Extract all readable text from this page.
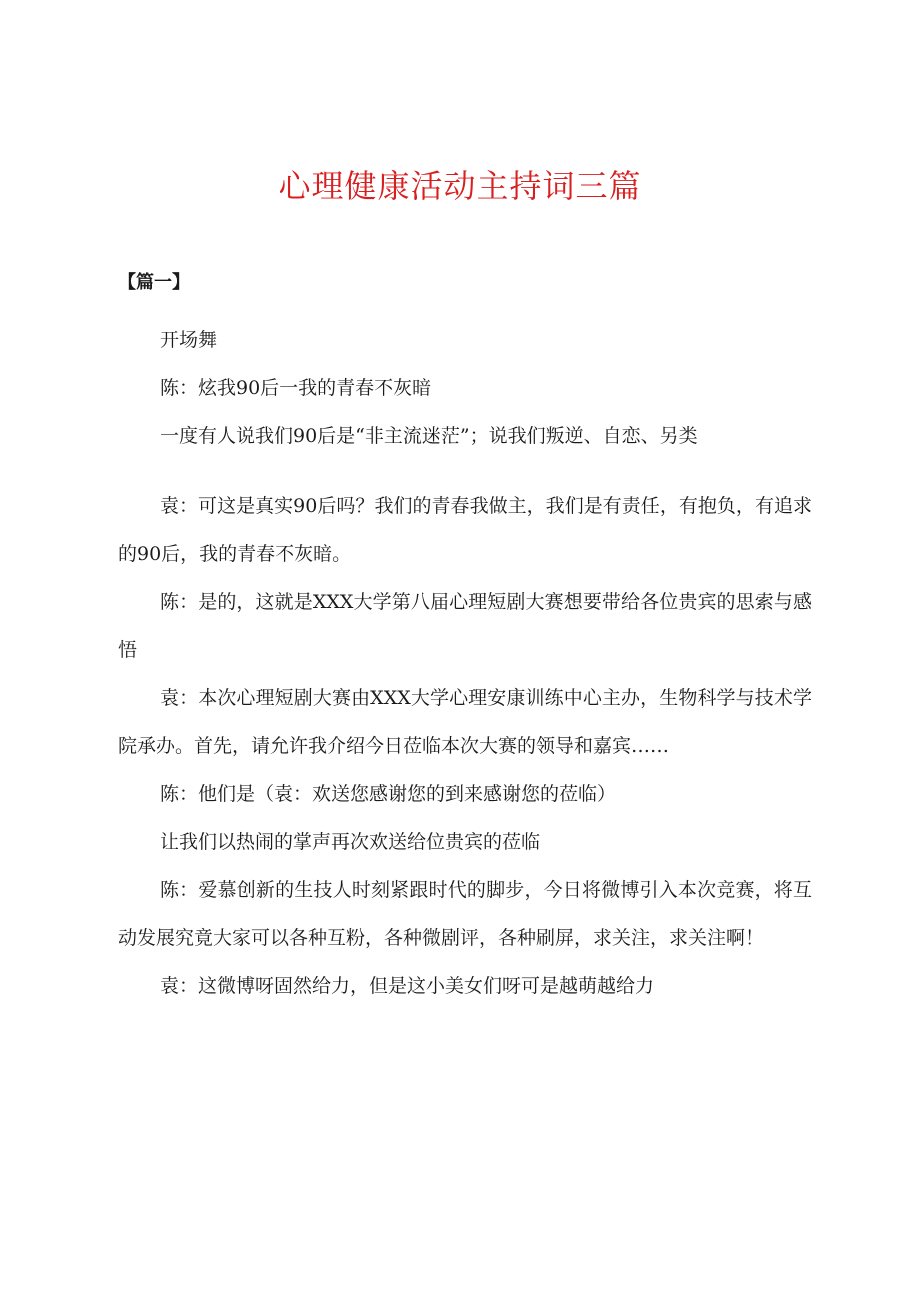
心理健康活动主持词三篇
【篇一】

开场舞

陈：炫我90后一我的青春不灰暗

一度有人说我们90后是“非主流迷茫”；说我们叛逆、自恋、另类

袁：可这是真实90后吗？我们的青春我做主，我们是有责任，有抱负，有追求的90后，我的青春不灰暗。

陈：是的，这就是XXX大学第八届心理短剧大赛想要带给各位贵宾的思索与感悟

袁：本次心理短剧大赛由XXX大学心理安康训练中心主办，生物科学与技术学院承办。首先，请允许我介绍今日莅临本次大赛的领导和嘉宾……

陈：他们是（袁：欢送您感谢您的到来感谢您的莅临）

让我们以热闹的掌声再次欢送给位贵宾的莅临

陈：爱慕创新的生技人时刻紧跟时代的脚步，今日将微博引入本次竞赛，将互动发展究竟大家可以各种互粉，各种微剧评，各种刷屏，求关注，求关注啊！

袁：这微博呀固然给力，但是这小美女们呀可是越萌越给力
